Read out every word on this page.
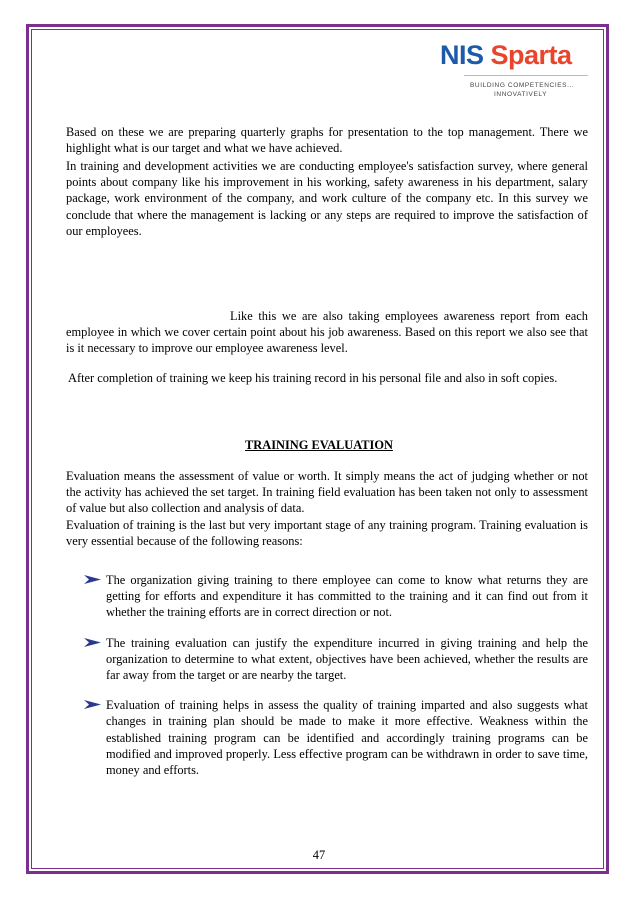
NIS Sparta
BUILDING COMPETENCIES...
INNOVATIVELY

Based on these we are preparing quarterly graphs for presentation to the top management. There we highlight what is our target and what we have achieved.

In training and development activities we are conducting employee's satisfaction survey, where general points about company like his improvement in his working, safety awareness in his department, salary package, work environment of the company, and work culture of the company etc. In this survey we conclude that where the management is lacking or any steps are required to improve the satisfaction of our employees.

Like this we are also taking employees awareness report from each employee in which we cover certain point about his job awareness. Based on this report we also see that is it necessary to improve our employee awareness level.

After completion of training we keep his training record in his personal file and also in soft copies.

TRAINING EVALUATION

Evaluation means the assessment of value or worth. It simply means the act of judging whether or not the activity has achieved the set target. In training field evaluation has been taken not only to assessment of value but also collection and analysis of data.
Evaluation of training is the last but very important stage of any training program. Training evaluation is very essential because of the following reasons:
The organization giving training to there employee can come to know what returns they are getting for efforts and expenditure it has committed to the training and it can find out from it whether the training efforts are in correct direction or not.
The training evaluation can justify the expenditure incurred in giving training and help the organization to determine to what extent, objectives have been achieved, whether the results are far away from the target or are nearby the target.
Evaluation of training helps in assess the quality of training imparted and also suggests what changes in training plan should be made to make it more effective. Weakness within the established training program can be identified and accordingly training programs can be modified and improved properly. Less effective program can be withdrawn in order to save time, money and efforts.

47
